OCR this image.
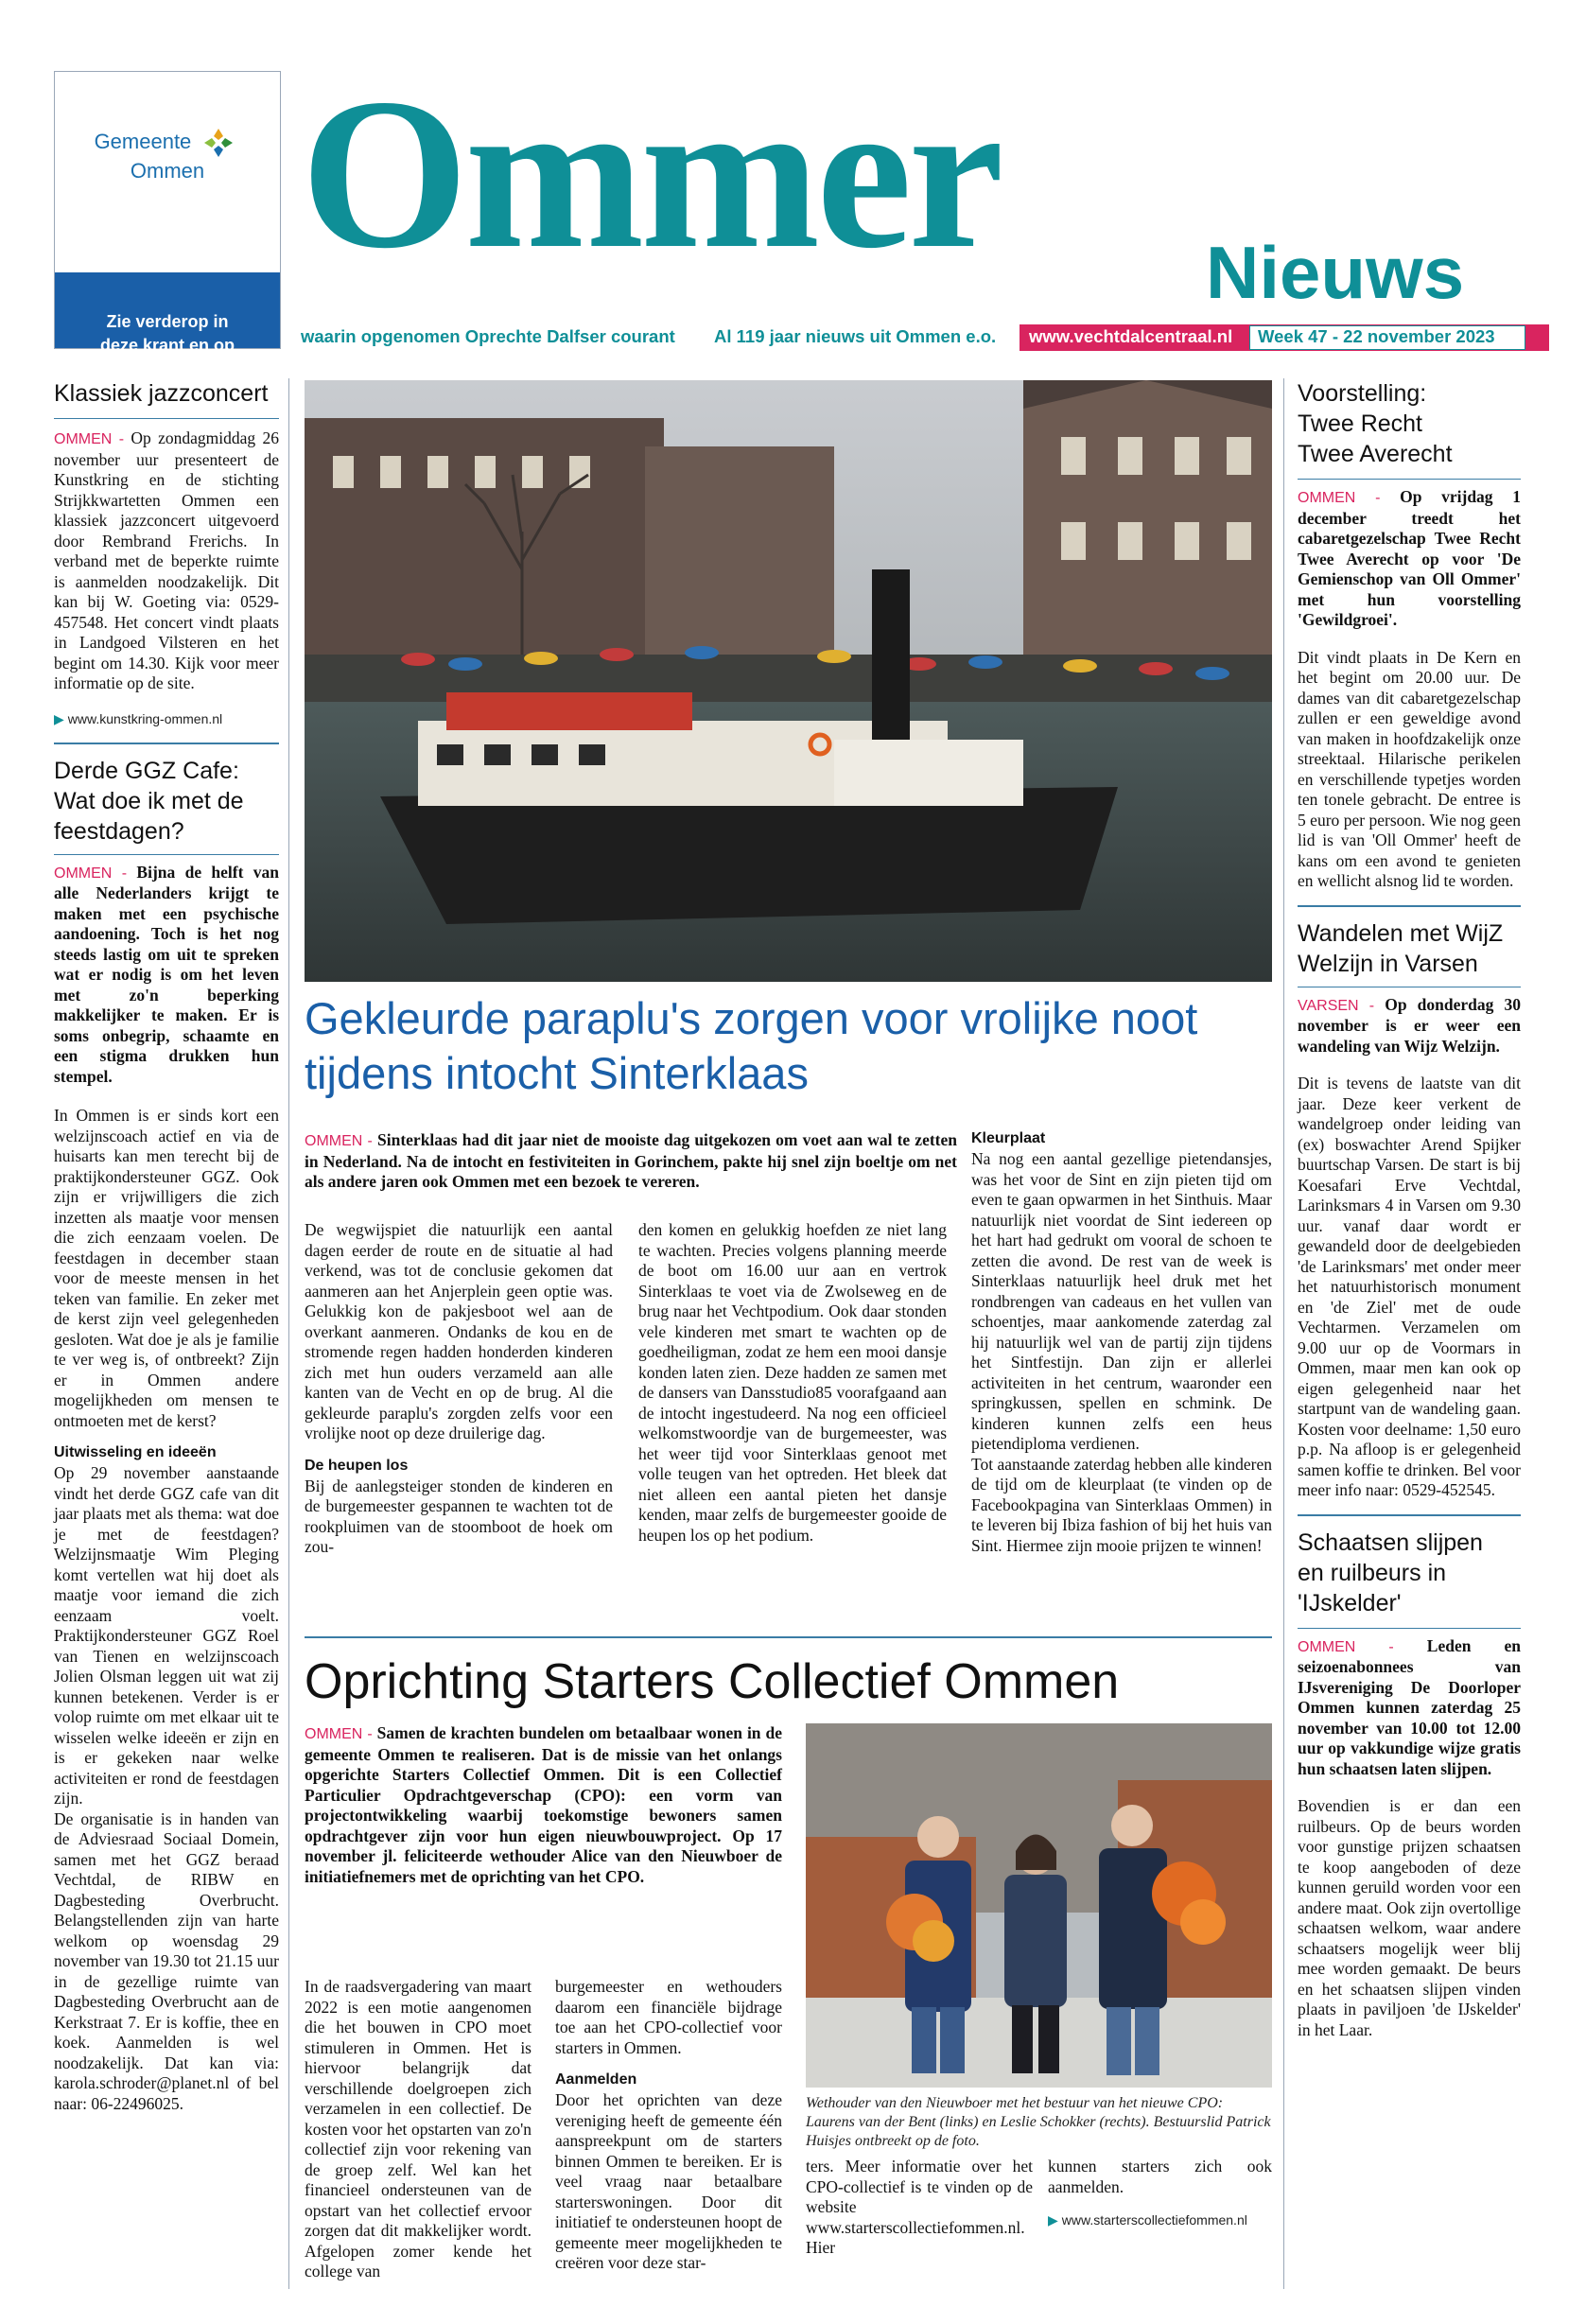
Gemeente  Ommen
Zie verderop in
deze krant en op
www.ommen.nl
Ommer	Nieuws
waarin opgenomen Oprechte Dalfser courant Al 119 jaar nieuws uit Ommen e.o. www.vechtdalcentraal.nl Week 47 - 22 november 2023
Klassiek jazzconcert

OMMEN - Op zondagmiddag 26 november uur presenteert de Kunstkring en de stichting Strijkkwartetten Ommen een klassiek jazzconcert uitgevoerd door Rembrand Frerichs. In verband met de beperkte ruimte is aanmelden noodzakelijk. Dit kan bij W. Goeting via: 0529-457548. Het concert vindt plaats in Landgoed Vilsteren en het begint om 14.30. Kijk voor meer informatie op de site.

▶ www.kunstkring-ommen.nl
Derde GGZ Cafe:
Wat doe ik met de
feestdagen?

OMMEN - Bijna de helft van alle Nederlanders krijgt te maken met een psychische aandoening. Toch is het nog steeds lastig om uit te spreken wat er nodig is om het leven met zo'n beperking makkelijker te maken. Er is soms onbegrip, schaamte en een stigma drukken hun stempel.

In Ommen is er sinds kort een welzijnscoach actief en via de huisarts kan men terecht bij de praktijkondersteuner GGZ. Ook zijn er vrijwilligers die zich inzetten als maatje voor mensen die zich eenzaam voelen. De feestdagen in december staan voor de meeste mensen in het teken van familie. En zeker met de kerst zijn veel gelegenheden gesloten. Wat doe je als je familie te ver weg is, of ontbreekt? Zijn er in Ommen andere mogelijkheden om mensen te ontmoeten met de kerst?

Uitwisseling en ideeën

Op 29 november aanstaande vindt het derde GGZ cafe van dit jaar plaats met als thema: wat doe je met de feestdagen? Welzijnsmaatje Wim Pleging komt vertellen wat hij doet als maatje voor iemand die zich eenzaam voelt. Praktijkondersteuner GGZ Roel van Tienen en welzijnscoach Jolien Olsman leggen uit wat zij kunnen betekenen. Verder is er volop ruimte om met elkaar uit te wisselen welke ideeën er zijn en is er gekeken naar welke activiteiten er rond de feestdagen zijn.

De organisatie is in handen van de Adviesraad Sociaal Domein, samen met het GGZ beraad Vechtdal, de RIBW en Dagbesteding Overbrucht. Belangstellenden zijn van harte welkom op woensdag 29 november van 19.30 tot 21.15 uur in de gezellige ruimte van Dagbesteding Overbrucht aan de Kerkstraat 7. Er is koffie, thee en koek. Aanmelden is wel noodzakelijk. Dat kan via: karola.schroder@planet.nl of bel naar: 06-22496025.

Gekleurde paraplu's zorgen voor vrolijke noot tijdens intocht Sinterklaas

OMMEN - Sinterklaas had dit jaar niet de mooiste dag uitgekozen om voet aan wal te zetten in Nederland. Na de intocht en festiviteiten in Gorinchem, pakte hij snel zijn boeltje om net als andere jaren ook Ommen met een bezoek te vereren.

De wegwijspiet die natuurlijk een aantal dagen eerder de route en de situatie al had verkend, was tot de conclusie gekomen dat aanmeren aan het Anjerplein geen optie was. Gelukkig kon de pakjesboot wel aan de overkant aanmeren. Ondanks de kou en de stromende regen hadden honderden kinderen zich met hun ouders verzameld aan alle kanten van de Vecht en op de brug. Al die gekleurde paraplu's zorgden zelfs voor een vrolijke noot op deze druilerige dag.

De heupen los

Bij de aanlegsteiger stonden de kinderen en de burgemeester gespannen te wachten tot de rookpluimen van de stoomboot de hoek om zou-

den komen en gelukkig hoefden ze niet lang te wachten. Precies volgens planning meerde de boot om 16.00 uur aan en vertrok Sinterklaas te voet via de Zwolseweg en de brug naar het Vechtpodium. Ook daar stonden vele kinderen met smart te wachten op de goedheiligman, zodat ze hem een mooi dansje konden laten zien. Deze hadden ze samen met de dansers van Dansstudio85 voorafgaand aan de intocht ingestudeerd. Na nog een officieel welkomstwoordje van de burgemeester, was het weer tijd voor Sinterklaas genoot met volle teugen van het optreden. Het bleek dat niet alleen een aantal pieten het dansje kenden, maar zelfs de burgemeester gooide de heupen los op het podium.

Kleurplaat

Na nog een aantal gezellige pietendansjes, was het voor de Sint en zijn pieten tijd om even te gaan opwarmen in het Sinthuis. Maar natuurlijk niet voordat de Sint iedereen op het hart had gedrukt om vooral de schoen te zetten die avond. De rest van de week is Sinterklaas natuurlijk heel druk met het rondbrengen van cadeaus en het vullen van schoentjes, maar aankomende zaterdag zal hij natuurlijk wel van de partij zijn tijdens het Sintfestijn. Dan zijn er allerlei activiteiten in het centrum, waaronder een springkussen, spellen en schmink. De kinderen kunnen zelfs een heus pietendiploma verdienen.

Tot aanstaande zaterdag hebben alle kinderen de tijd om de kleurplaat (te vinden op de Facebookpagina van Sinterklaas Ommen) in te leveren bij Ibiza fashion of bij het huis van Sint. Hiermee zijn mooie prijzen te winnen!

Oprichting Starters Collectief Ommen

OMMEN - Samen de krachten bundelen om betaalbaar wonen in de gemeente Ommen te realiseren. Dat is de missie van het onlangs opgerichte Starters Collectief Ommen. Dit is een Collectief Particulier Opdrachtgeverschap (CPO): een vorm van projectontwikkeling waarbij toekomstige bewoners samen opdrachtgever zijn voor hun eigen nieuwbouwproject. Op 17 november jl. feliciteerde wethouder Alice van den Nieuwboer de initiatiefnemers met de oprichting van het CPO.

In de raadsvergadering van maart 2022 is een motie aangenomen die het bouwen in CPO moet stimuleren in Ommen. Het is hiervoor belangrijk dat verschillende doelgroepen zich verzamelen in een collectief. De kosten voor het opstarten van zo'n collectief zijn voor rekening van de groep zelf. Wel kan het financieel ondersteunen van de opstart van het collectief ervoor zorgen dat dit makkelijker wordt. Afgelopen zomer kende het college van

burgemeester en wethouders daarom een financiële bijdrage toe aan het CPO-collectief voor starters in Ommen.

Aanmelden

Door het oprichten van deze vereniging heeft de gemeente één aanspreekpunt om de starters binnen Ommen te bereiken. Er is veel vraag naar betaalbare starterswoningen. Door dit initiatief te ondersteunen hoopt de gemeente meer mogelijkheden te creëren voor deze star-

Wethouder van den Nieuwboer met het bestuur van het nieuwe CPO: Laurens van der Bent (links) en Leslie Schokker (rechts). Bestuurslid Patrick Huisjes ontbreekt op de foto.

ters. Meer informatie over het CPO-collectief is te vinden op de website www.starterscollectiefommen.nl. Hier

kunnen starters zich ook aanmelden.

▶ www.starterscollectiefommen.nl
Voorstelling:
Twee Recht
Twee Averecht

OMMEN - Op vrijdag 1 december treedt het cabaretgezelschap Twee Recht Twee Averecht op voor 'De Gemienschop van Oll Ommer' met hun voorstelling 'Gewildgroei'.

Dit vindt plaats in De Kern en het begint om 20.00 uur. De dames van dit cabaretgezelschap zullen er een geweldige avond van maken in hoofdzakelijk onze streektaal. Hilarische perikelen en verschillende typetjes worden ten tonele gebracht. De entree is 5 euro per persoon. Wie nog geen lid is van 'Oll Ommer' heeft de kans om een avond te genieten en wellicht alsnog lid te worden.

Wandelen met WijZ
Welzijn in Varsen

VARSEN - Op donderdag 30 november is er weer een wandeling van Wijz Welzijn.

Dit is tevens de laatste van dit jaar. Deze keer verkent de wandelgroep onder leiding van (ex) boswachter Arend Spijker buurtschap Varsen. De start is bij Koesafari Erve Vechtdal, Larinksmars 4 in Varsen om 9.30 uur. vanaf daar wordt er gewandeld door de deelgebieden 'de Larinksmars' met onder meer het natuurhistorisch monument en 'de Ziel' met de oude Vechtarmen. Verzamelen om 9.00 uur op de Voormars in Ommen, maar men kan ook op eigen gelegenheid naar het startpunt van de wandeling gaan. Kosten voor deelname: 1,50 euro p.p. Na afloop is er gelegenheid samen koffie te drinken. Bel voor meer info naar: 0529-452545.

Schaatsen slijpen
en ruilbeurs in
'IJskelder'

OMMEN - Leden en seizoenabonnees van IJsvereniging De Doorloper Ommen kunnen zaterdag 25 november van 10.00 tot 12.00 uur op vakkundige wijze gratis hun schaatsen laten slijpen.

Bovendien is er dan een ruilbeurs. Op de beurs worden voor gunstige prijzen schaatsen te koop aangeboden of deze kunnen geruild worden voor een andere maat. Ook zijn overtollige schaatsen welkom, waar andere schaatsers mogelijk weer blij mee worden gemaakt. De beurs en het schaatsen slijpen vinden plaats in paviljoen 'de IJskelder' in het Laar.
